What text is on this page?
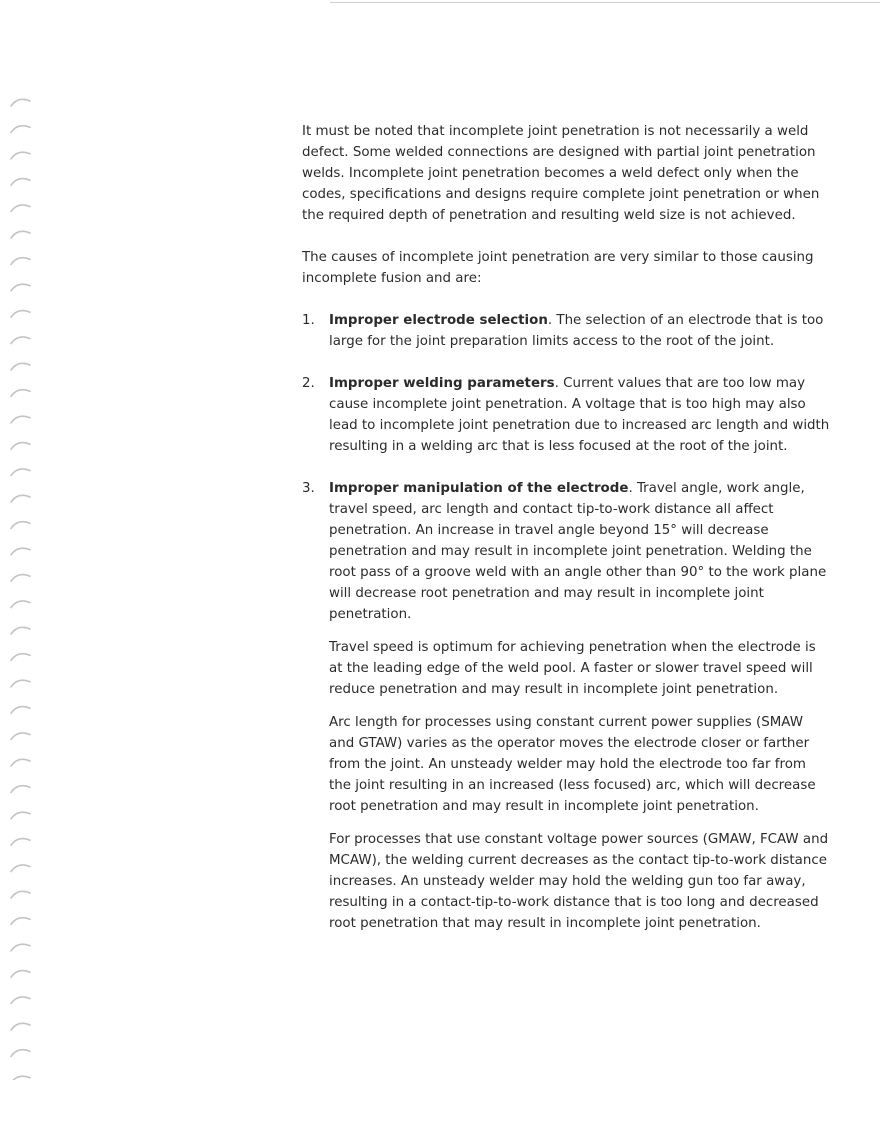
It must be noted that incomplete joint penetration is not necessarily a weld defect. Some welded connections are designed with partial joint penetration welds. Incomplete joint penetration becomes a weld defect only when the codes, specifications and designs require complete joint penetration or when the required depth of penetration and resulting weld size is not achieved.

The causes of incomplete joint penetration are very similar to those causing incomplete fusion and are:

1. Improper electrode selection. The selection of an electrode that is too large for the joint preparation limits access to the root of the joint.

2. Improper welding parameters. Current values that are too low may cause incomplete joint penetration. A voltage that is too high may also lead to incomplete joint penetration due to increased arc length and width resulting in a welding arc that is less focused at the root of the joint.

3. Improper manipulation of the electrode. Travel angle, work angle, travel speed, arc length and contact tip-to-work distance all affect penetration. An increase in travel angle beyond 15° will decrease penetration and may result in incomplete joint penetration. Welding the root pass of a groove weld with an angle other than 90° to the work plane will decrease root penetration and may result in incomplete joint penetration.

Travel speed is optimum for achieving penetration when the electrode is at the leading edge of the weld pool. A faster or slower travel speed will reduce penetration and may result in incomplete joint penetration.

Arc length for processes using constant current power supplies (SMAW and GTAW) varies as the operator moves the electrode closer or farther from the joint. An unsteady welder may hold the electrode too far from the joint resulting in an increased (less focused) arc, which will decrease root penetration and may result in incomplete joint penetration.

For processes that use constant voltage power sources (GMAW, FCAW and MCAW), the welding current decreases as the contact tip-to-work distance increases. An unsteady welder may hold the welding gun too far away, resulting in a contact-tip-to-work distance that is too long and decreased root penetration that may result in incomplete joint penetration.
